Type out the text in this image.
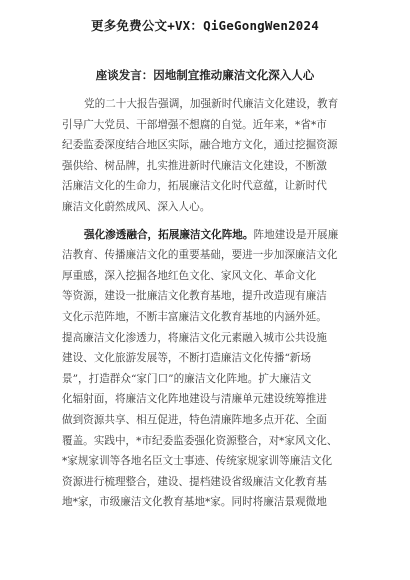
更多免费公文+VX：QiGeGongWen2024
座谈发言：因地制宜推动廉洁文化深入人心
党的二十大报告强调，加强新时代廉洁文化建设，教育
引导广大党员、干部增强不想腐的自觉。近年来，*省*市
纪委监委深度结合地区实际，融合地方文化，通过挖掘资源
强供给、树品牌，扎实推进新时代廉洁文化建设，不断激
活廉洁文化的生命力，拓展廉洁文化时代意蕴，让新时代
廉洁文化蔚然成风、深入人心。
强化渗透融合，拓展廉洁文化阵地。阵地建设是开展廉
洁教育、传播廉洁文化的重要基础，要进一步加深廉洁文化
厚重感，深入挖掘各地红色文化、家风文化、革命文化
等资源，建设一批廉洁文化教育基地，提升改造现有廉洁
文化示范阵地，不断丰富廉洁文化教育基地的内涵外延。
提高廉洁文化渗透力，将廉洁文化元素融入城市公共设施
建设、文化旅游发展等，不断打造廉洁文化传播“新场
景”，打造群众“家门口”的廉洁文化阵地。扩大廉洁文
化辐射面，将廉洁文化阵地建设与清廉单元建设统筹推进
做到资源共享、相互促进，特色清廉阵地多点开花、全面
覆盖。实践中，*市纪委监委强化资源整合，对*家风文化、
*家规家训等各地名臣文士事迹、传统家规家训等廉洁文化
资源进行梳理整合，建设、提档建设省级廉洁文化教育基
地*家，市级廉洁文化教育基地*家。同时将廉洁景观微地
